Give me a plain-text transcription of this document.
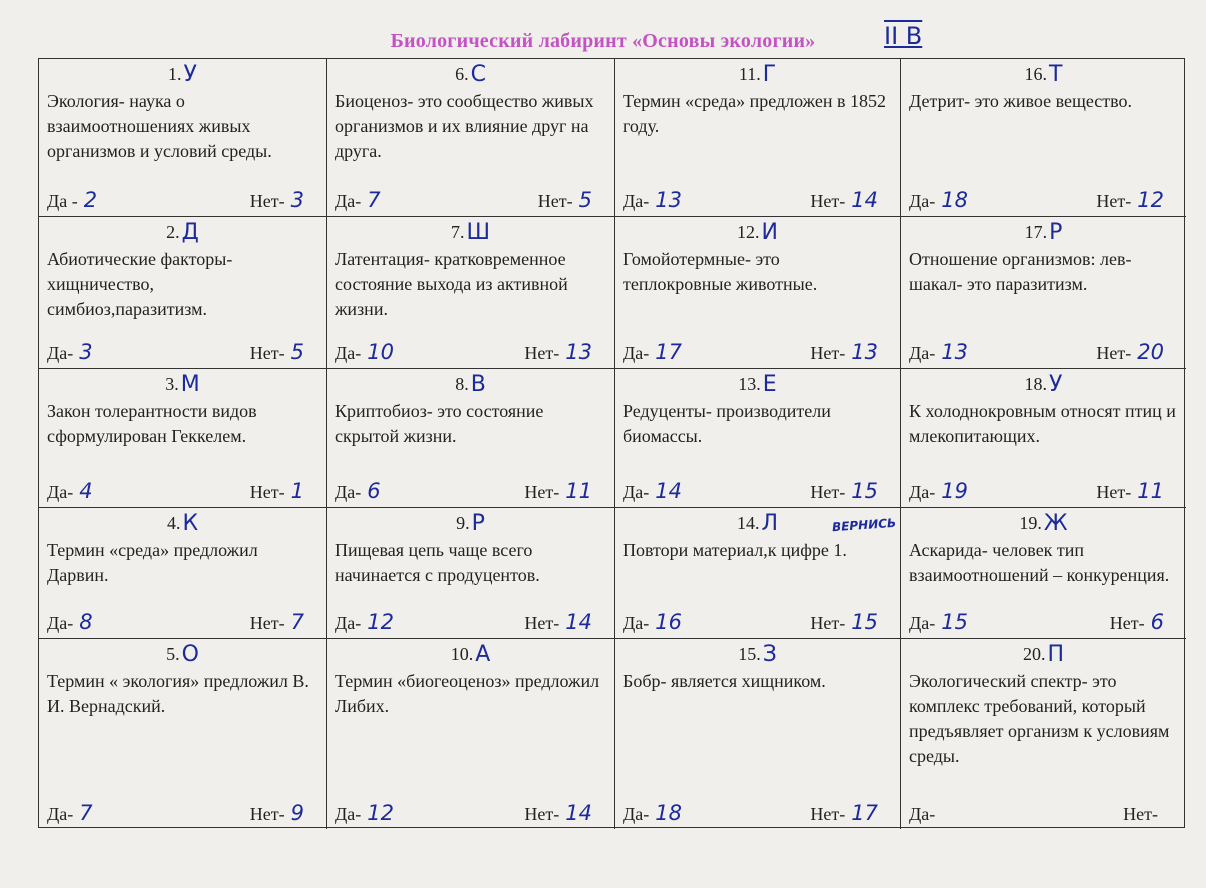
Биологический лабиринт «Основы экологии»	II В
1.У
Экология- наука о взаимоотношениях живых организмов и условий среды.
Да - 2	Нет- 3
6.С
Биоценоз- это сообщество живых организмов и их влияние друг на друга.
Да- 7	Нет- 5
11.Г
Термин «среда» предложен в 1852 году.
Да- 13	Нет- 14
16.Т
Детрит- это живое вещество.
Да- 18	Нет- 12
2.Д
Абиотические факторы- хищничество, симбиоз,паразитизм.
Да- 3	Нет- 5
7.Ш
Латентация- кратковременное состояние выхода из активной жизни.
Да- 10	Нет- 13
12.И
Гомойотермные- это теплокровные животные.
Да- 17	Нет- 13
17.Р
Отношение организмов: лев- шакал- это паразитизм.
Да- 13	Нет- 20
3.М
Закон толерантности видов сформулирован Геккелем.
Да- 4	Нет- 1
8.В
Криптобиоз- это состояние скрытой жизни.
Да- 6	Нет- 11
13.Е
Редуценты- производители биомассы.
Да- 14	Нет- 15
18.У
К холоднокровным относят птиц и млекопитающих.
Да- 19	Нет- 11
4.К
Термин «среда» предложил Дарвин.
Да- 8	Нет- 7
9.Р
Пищевая цепь чаще всего начинается с продуцентов.
Да- 12	Нет- 14
14.Л
Повтори материал,к цифре 1.
ВЕРНИСЬ
Да- 16	Нет- 15
19.Ж
Аскарида- человек тип взаимоотношений – конкуренция.
Да- 15	Нет- 6
5.О
Термин « экология» предложил В. И. Вернадский.
Да- 7	Нет- 9
10.А
Термин «биогеоценоз» предложил Либих.
Да- 12	Нет- 14
15.З
Бобр- является хищником.
Да- 18	Нет- 17
20.П
Экологический спектр- это комплекс требований, который предъявляет организм к условиям среды.
Да-	Нет-
